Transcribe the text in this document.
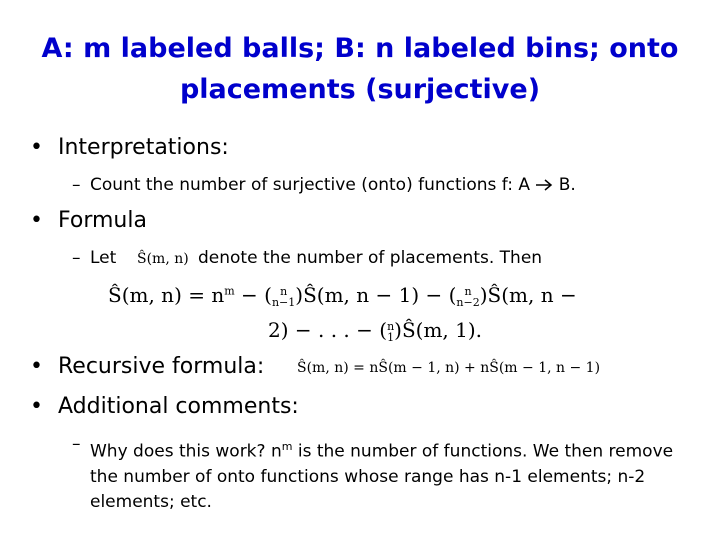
A: m labeled balls; B: n labeled bins; onto
placements (surjective)
• Interpretations:
– Count the number of surjective (onto) functions f: A  B.
• Formula
– Let Ŝ(m, n) denote the number of placements. Then
Ŝ(m, $n) = n^m$ − ( n
n−1 )Ŝ(m, n − 1) − ( n
n−2 )Ŝ(m, n −
2) − . . . − ( n
1 )Ŝ(m, 1).
• Recursive formula: Ŝ(m, n) = nŜ(m − 1, n) + nŜ(m − 1, n − 1)
• Additional comments:
– Why does this work? $n^m$ is the number of functions. We then remove the number of onto functions whose range has n-1 elements; n-2 elements; etc.
